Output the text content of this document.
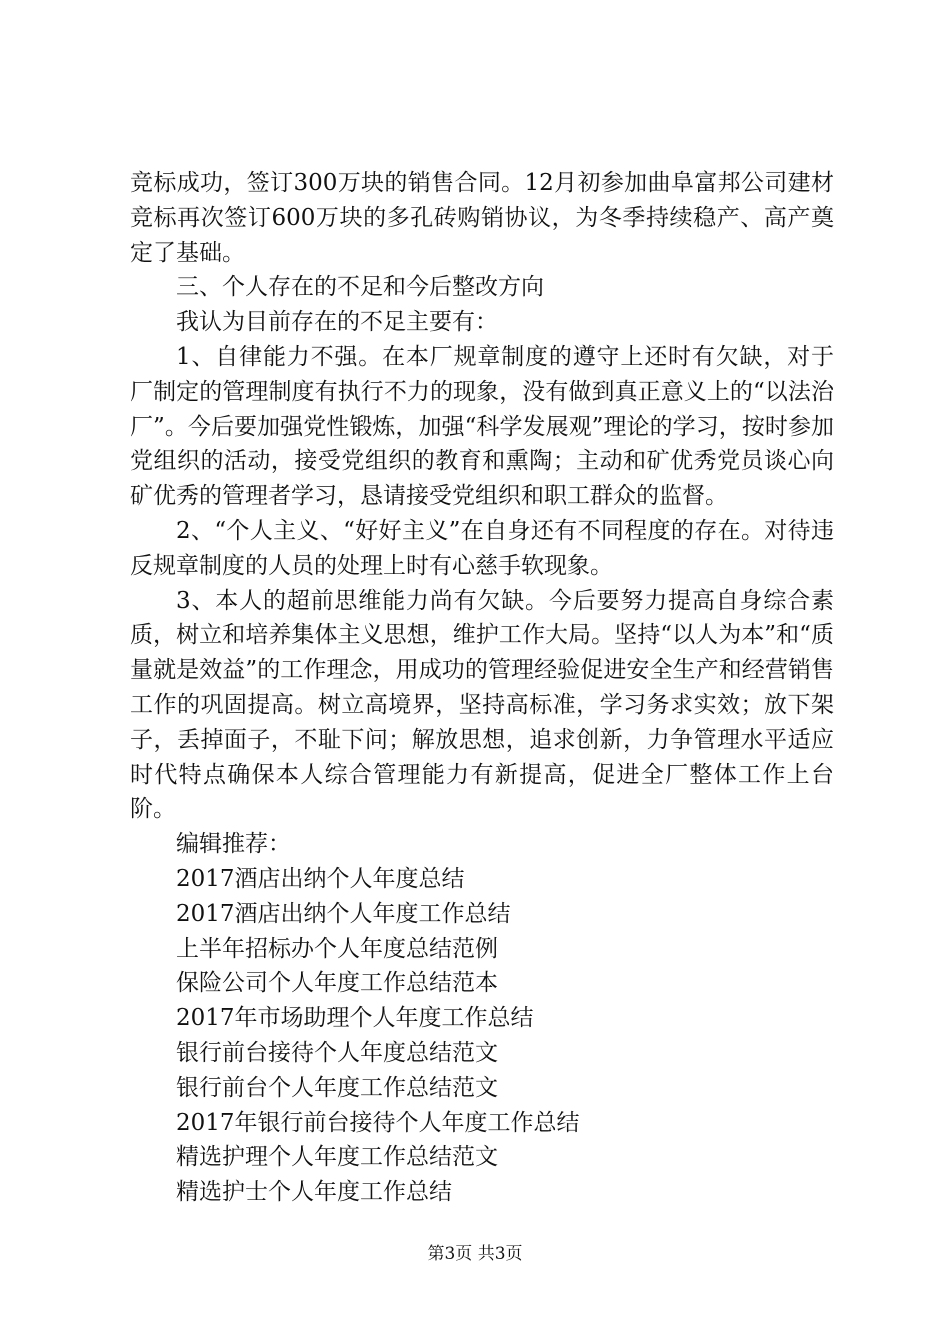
竞标成功，签订300万块的销售合同。12月初参加曲阜富邦公司建材竞标再次签订600万块的多孔砖购销协议，为冬季持续稳产、高产奠定了基础。

三、个人存在的不足和今后整改方向

我认为目前存在的不足主要有：

1、自律能力不强。在本厂规章制度的遵守上还时有欠缺，对于厂制定的管理制度有执行不力的现象，没有做到真正意义上的“以法治厂”。今后要加强党性锻炼，加强“科学发展观”理论的学习，按时参加党组织的活动，接受党组织的教育和熏陶；主动和矿优秀党员谈心向矿优秀的管理者学习，恳请接受党组织和职工群众的监督。

2、“个人主义、“好好主义”在自身还有不同程度的存在。对待违反规章制度的人员的处理上时有心慈手软现象。

3、本人的超前思维能力尚有欠缺。今后要努力提高自身综合素质，树立和培养集体主义思想，维护工作大局。坚持“以人为本”和“质量就是效益”的工作理念，用成功的管理经验促进安全生产和经营销售工作的巩固提高。树立高境界，坚持高标准，学习务求实效；放下架子，丢掉面子，不耻下问；解放思想，追求创新，力争管理水平适应时代特点确保本人综合管理能力有新提高，促进全厂整体工作上台阶。

编辑推荐：

2017酒店出纳个人年度总结
2017酒店出纳个人年度工作总结
上半年招标办个人年度总结范例
保险公司个人年度工作总结范本
2017年市场助理个人年度工作总结
银行前台接待个人年度总结范文
银行前台个人年度工作总结范文
2017年银行前台接待个人年度工作总结
精选护理个人年度工作总结范文
精选护士个人年度工作总结
第3页 共3页
